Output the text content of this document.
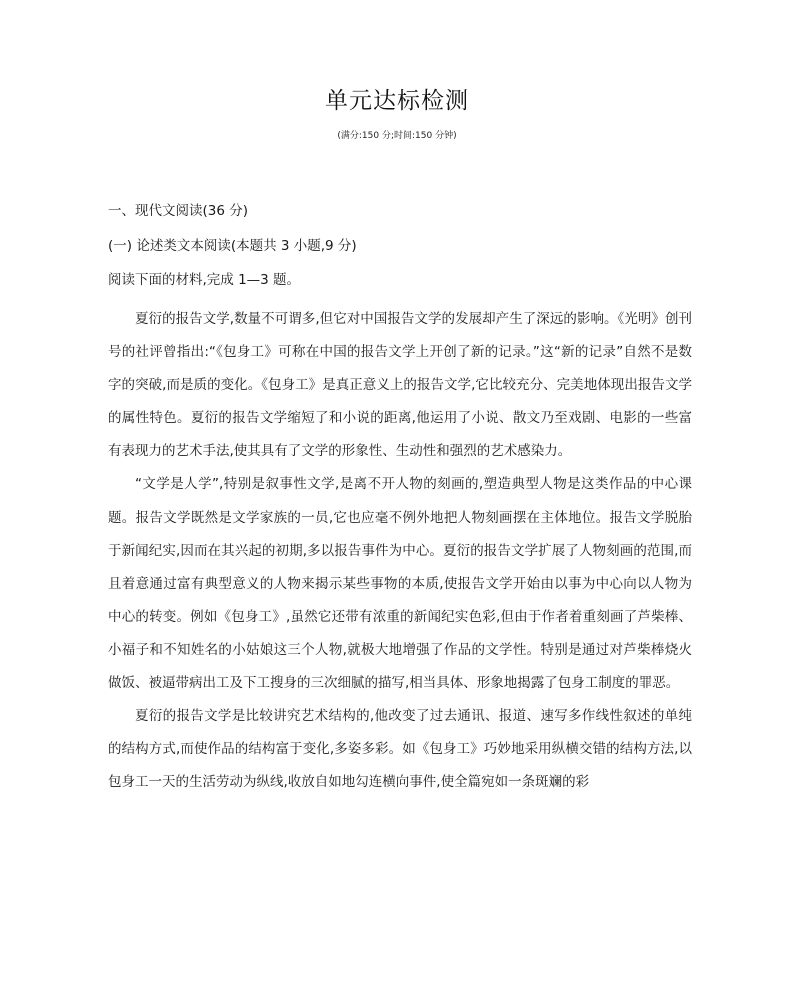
单元达标检测
(满分:150 分;时间:150 分钟)
一、现代文阅读(36 分)
(一) 论述类文本阅读(本题共 3 小题,9 分)
阅读下面的材料,完成 1—3 题。

夏衍的报告文学,数量不可谓多,但它对中国报告文学的发展却产生了深远的影响。《光明》创刊号的社评曾指出:“《包身工》可称在中国的报告文学上开创了新的记录。”这“新的记录”自然不是数字的突破,而是质的变化。《包身工》是真正意义上的报告文学,它比较充分、完美地体现出报告文学的属性特色。夏衍的报告文学缩短了和小说的距离,他运用了小说、散文乃至戏剧、电影的一些富有表现力的艺术手法,使其具有了文学的形象性、生动性和强烈的艺术感染力。

“文学是人学”,特别是叙事性文学,是离不开人物的刻画的,塑造典型人物是这类作品的中心课题。报告文学既然是文学家族的一员,它也应毫不例外地把人物刻画摆在主体地位。报告文学脱胎于新闻纪实,因而在其兴起的初期,多以报告事件为中心。夏衍的报告文学扩展了人物刻画的范围,而且着意通过富有典型意义的人物来揭示某些事物的本质,使报告文学开始由以事为中心向以人物为中心的转变。例如《包身工》,虽然它还带有浓重的新闻纪实色彩,但由于作者着重刻画了芦柴棒、小福子和不知姓名的小姑娘这三个人物,就极大地增强了作品的文学性。特别是通过对芦柴棒烧火做饭、被逼带病出工及下工搜身的三次细腻的描写,相当具体、形象地揭露了包身工制度的罪恶。

夏衍的报告文学是比较讲究艺术结构的,他改变了过去通讯、报道、速写多作线性叙述的单纯的结构方式,而使作品的结构富于变化,多姿多彩。如《包身工》巧妙地采用纵横交错的结构方法,以包身工一天的生活劳动为纵线,收放自如地勾连横向事件,使全篇宛如一条斑斓的彩
